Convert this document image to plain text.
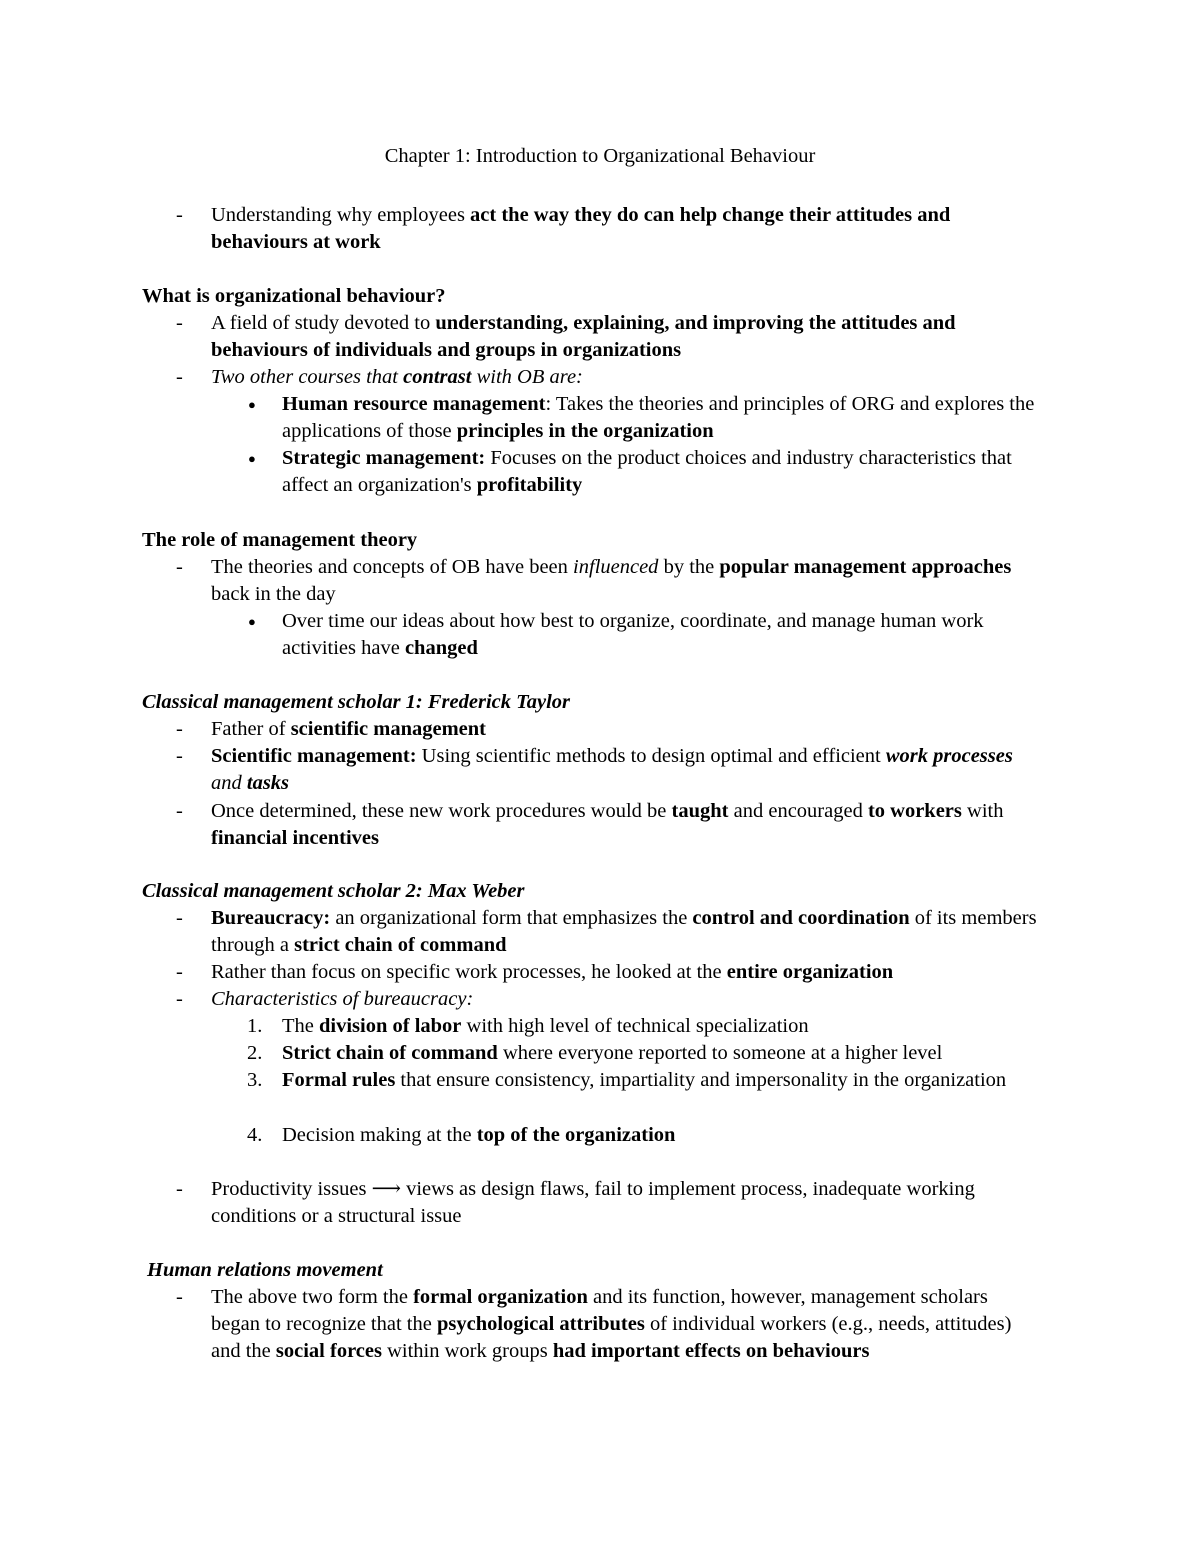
Chapter 1: Introduction to Organizational Behaviour
-	Understanding why employees act the way they do can help change their attitudes and behaviours at work
What is organizational behaviour?
-	A field of study devoted to understanding, explaining, and improving the attitudes and behaviours of individuals and groups in organizations
-	Two other courses that contrast with OB are:
● Human resource management: Takes the theories and principles of ORG and explores the applications of those principles in the organization
● Strategic management: Focuses on the product choices and industry characteristics that affect an organization's profitability
The role of management theory
-	The theories and concepts of OB have been influenced by the popular management approaches back in the day
● Over time our ideas about how best to organize, coordinate, and manage human work activities have changed
Classical management scholar 1: Frederick Taylor
-	Father of scientific management
-	Scientific management: Using scientific methods to design optimal and efficient work processes and tasks
-	Once determined, these new work procedures would be taught and encouraged to workers with financial incentives
Classical management scholar 2: Max Weber
-	Bureaucracy: an organizational form that emphasizes the control and coordination of its members through a strict chain of command
-	Rather than focus on specific work processes, he looked at the entire organization
-	Characteristics of bureaucracy:
1. The division of labor with high level of technical specialization
2. Strict chain of command where everyone reported to someone at a higher level
3. Formal rules that ensure consistency, impartiality and impersonality in the organization
4. Decision making at the top of the organization
-	Productivity issues ⟶ views as design flaws, fail to implement process, inadequate working conditions or a structural issue
Human relations movement
-	The above two form the formal organization and its function, however, management scholars began to recognize that the psychological attributes of individual workers (e.g., needs, attitudes) and the social forces within work groups had important effects on behaviours
